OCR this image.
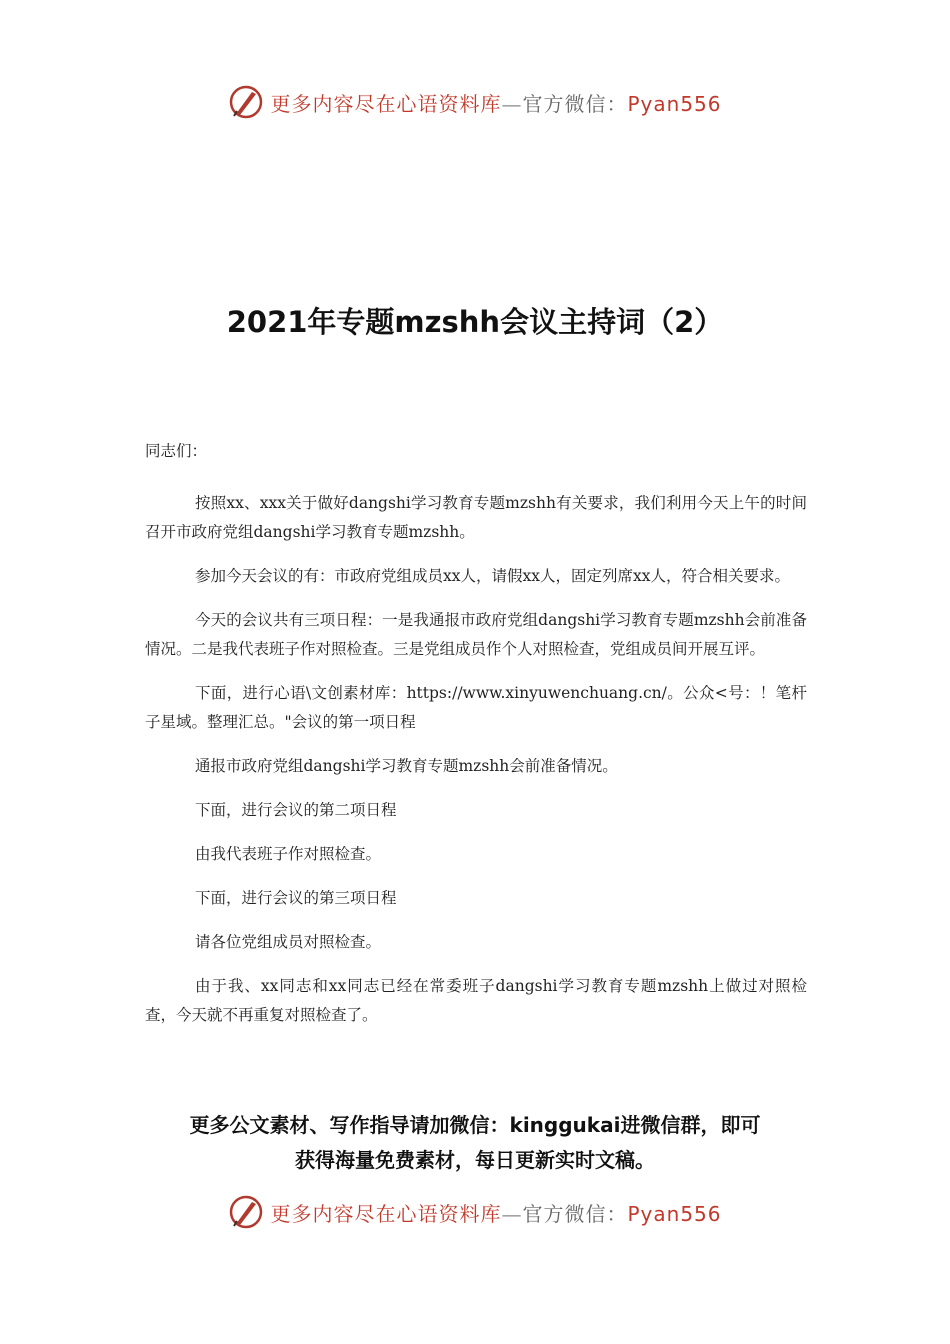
更多内容尽在心语资料库—官方微信：Pyan556
2021年专题mzshh会议主持词（2）

同志们：

按照xx、xxx关于做好dangshi学习教育专题mzshh有关要求，我们利用今天上午的时间召开市政府党组dangshi学习教育专题mzshh。

参加今天会议的有：市政府党组成员xx人，请假xx人，固定列席xx人，符合相关要求。

今天的会议共有三项日程：一是我通报市政府党组dangshi学习教育专题mzshh会前准备情况。二是我代表班子作对照检查。三是党组成员作个人对照检查，党组成员间开展互评。

下面，进行心语\文创素材库：https://www.xinyuwenchuang.cn/。公众<号：！笔杆子星域。整理汇总。"会议的第一项日程

通报市政府党组dangshi学习教育专题mzshh会前准备情况。

下面，进行会议的第二项日程

由我代表班子作对照检查。

下面，进行会议的第三项日程

请各位党组成员对照检查。

由于我、xx同志和xx同志已经在常委班子dangshi学习教育专题mzshh上做过对照检查，今天就不再重复对照检查了。

更多公文素材、写作指导请加微信：kinggukai进微信群，即可
获得海量免费素材，每日更新实时文稿。
更多内容尽在心语资料库—官方微信：Pyan556
